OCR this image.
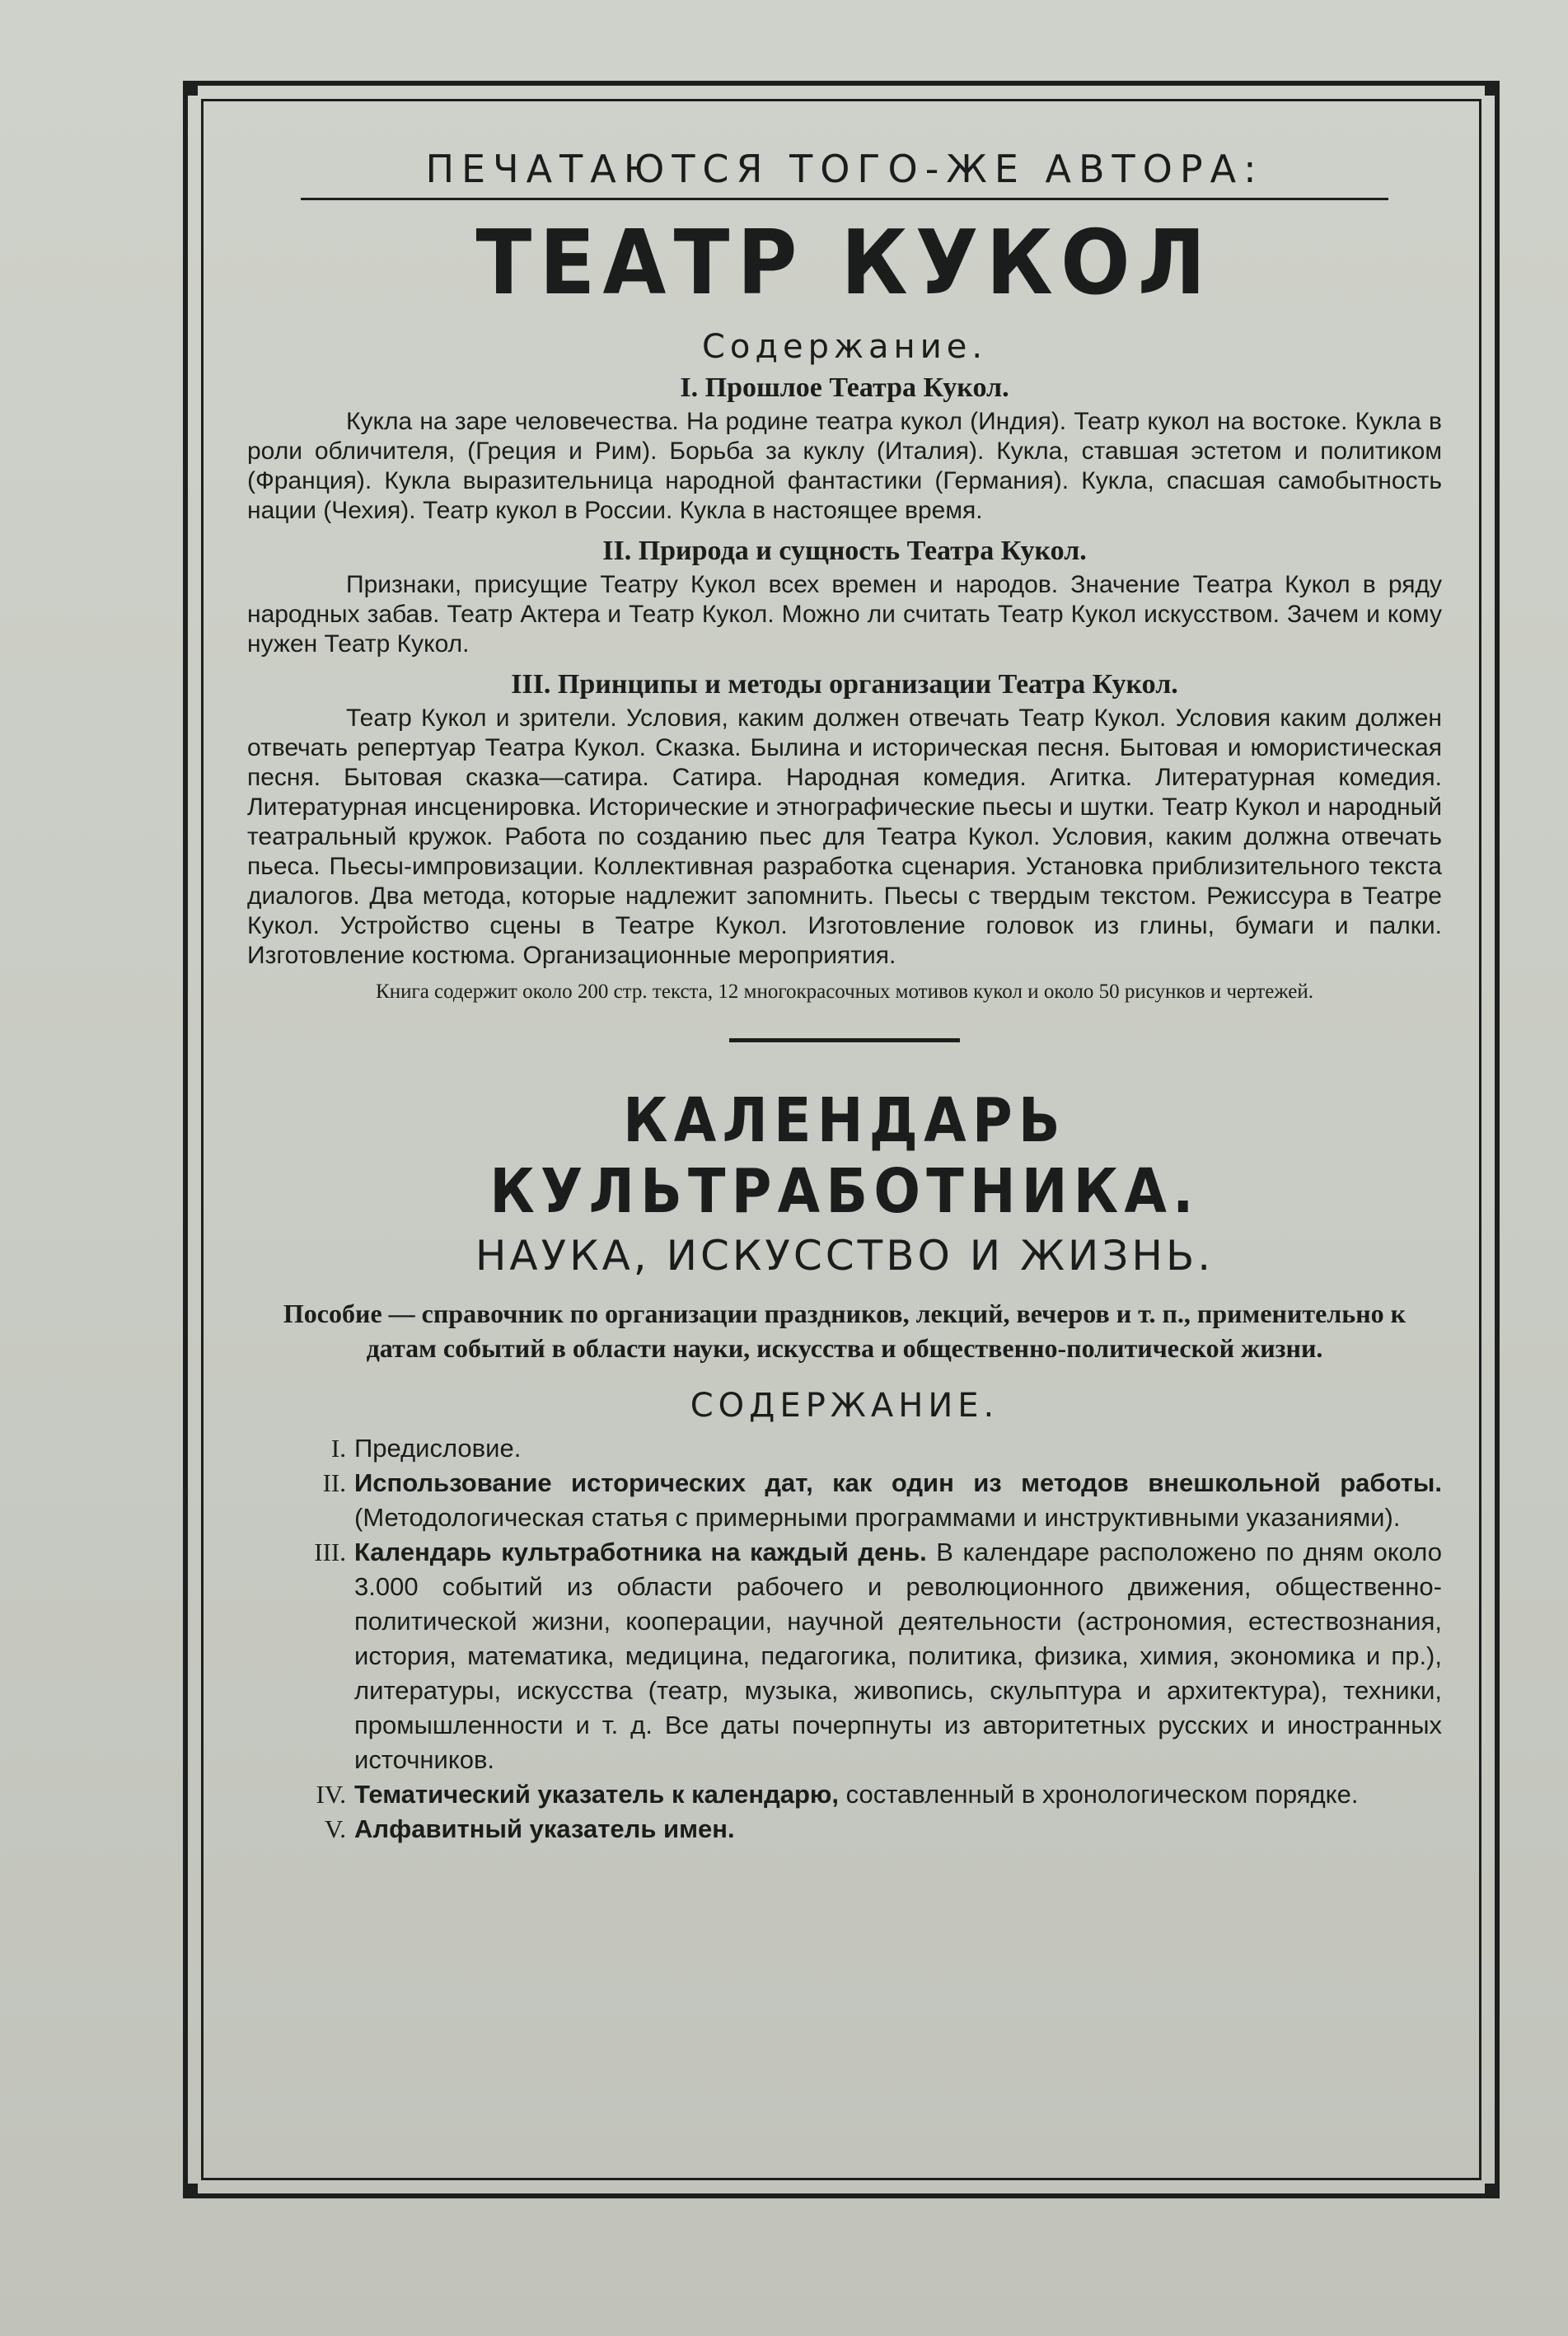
ПЕЧАТАЮТСЯ ТОГО-ЖЕ АВТОРА:
ТЕАТР КУКОЛ
Содержание.
I. Прошлое Театра Кукол.

Кукла на заре человечества. На родине театра кукол (Индия). Театр кукол на востоке. Кукла в роли обличителя, (Греция и Рим). Борьба за куклу (Италия). Кукла, ставшая эстетом и политиком (Франция). Кукла выразительница народной фантастики (Германия). Кукла, спасшая самобытность нации (Чехия). Театр кукол в России. Кукла в настоящее время.

II. Природа и сущность Театра Кукол.

Признаки, присущие Театру Кукол всех времен и народов. Значение Театра Кукол в ряду народных забав. Театр Актера и Театр Кукол. Можно ли считать Театр Кукол искусством. Зачем и кому нужен Театр Кукол.

III. Принципы и методы организации Театра Кукол.

Театр Кукол и зрители. Условия, каким должен отвечать Театр Кукол. Условия каким должен отвечать репертуар Театра Кукол. Сказка. Былина и историческая песня. Бытовая и юмористическая песня. Бытовая сказка—сатира. Сатира. Народная комедия. Агитка. Литературная комедия. Литературная инсценировка. Исторические и этнографические пьесы и шутки. Театр Кукол и народный театральный кружок. Работа по созданию пьес для Театра Кукол. Условия, каким должна отвечать пьеса. Пьесы-импровизации. Коллективная разработка сценария. Установка приблизительного текста диалогов. Два метода, которые надлежит запомнить. Пьесы с твердым текстом. Режиссура в Театре Кукол. Устройство сцены в Театре Кукол. Изготовление головок из глины, бумаги и палки. Изготовление костюма. Организационные мероприятия.

Книга содержит около 200 стр. текста, 12 многокрасочных мотивов кукол и около 50 рисунков и чертежей.
КАЛЕНДАРЬ КУЛЬТРАБОТНИКА.
НАУКА, ИСКУССТВО И ЖИЗНЬ.
Пособие — справочник по организации праздников, лекций, вечеров и т. п., применительно к датам событий в области науки, искусства и общественно-политической жизни.
СОДЕРЖАНИЕ.
I. Предисловие.
II. Использование исторических дат, как один из методов внешкольной работы. (Методологическая статья с примерными программами и инструктивными указаниями).
III. Календарь культработника на каждый день. В календаре расположено по дням около 3.000 событий из области рабочего и революционного движения, общественно-политической жизни, кооперации, научной деятельности (астрономия, естествознания, история, математика, медицина, педагогика, политика, физика, химия, экономика и пр.), литературы, искусства (театр, музыка, живопись, скульптура и архитектура), техники, промышленности и т. д. Все даты почерпнуты из авторитетных русских и иностранных источников.
IV. Тематический указатель к календарю, составленный в хронологическом порядке.
V. Алфавитный указатель имен.
